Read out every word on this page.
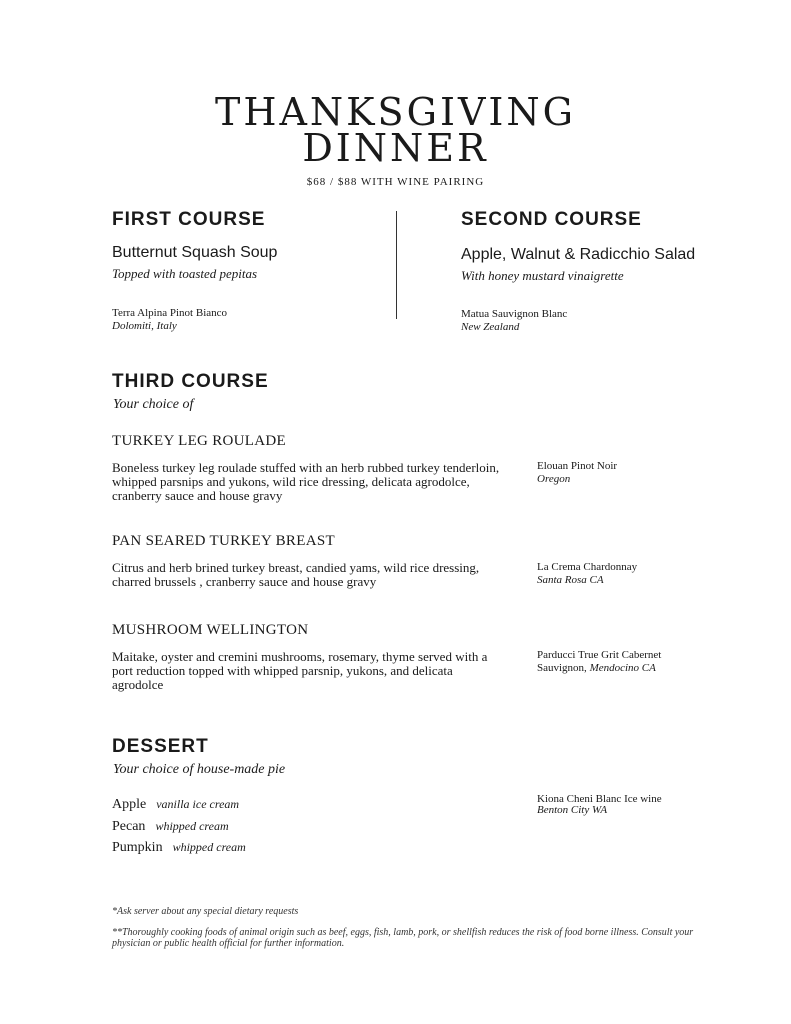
THANKSGIVING
DINNER
$68 / $88 WITH WINE PAIRING
FIRST COURSE
Butternut Squash Soup
Topped with toasted pepitas
Terra Alpina Pinot Bianco
Dolomiti, Italy
SECOND COURSE
Apple, Walnut & Radicchio Salad
With honey mustard vinaigrette
Matua Sauvignon Blanc
New Zealand
THIRD COURSE
Your choice of
TURKEY LEG ROULADE
Boneless turkey leg roulade stuffed with an herb rubbed turkey tenderloin, whipped parsnips and yukons, wild rice dressing, delicata agrodolce, cranberry sauce and house gravy
Elouan Pinot Noir
Oregon
PAN SEARED TURKEY BREAST
Citrus and herb brined turkey breast, candied yams, wild rice dressing, charred brussels , cranberry sauce and house gravy
La Crema Chardonnay
Santa Rosa CA
MUSHROOM WELLINGTON
Maitake, oyster and cremini mushrooms, rosemary, thyme served with a port reduction topped with whipped parsnip, yukons, and delicata agrodolce
Parducci True Grit Cabernet
Sauvignon, Mendocino CA
DESSERT
Your choice of house-made pie
Apple vanilla ice cream
Pecan whipped cream
Pumpkin whipped cream
Kiona Cheni Blanc Ice wine
Benton City WA
*Ask server about any special dietary requests
**Thoroughly cooking foods of animal origin such as beef, eggs, fish, lamb, pork, or shellfish reduces the risk of food borne illness. Consult your physician or public health official for further information.
